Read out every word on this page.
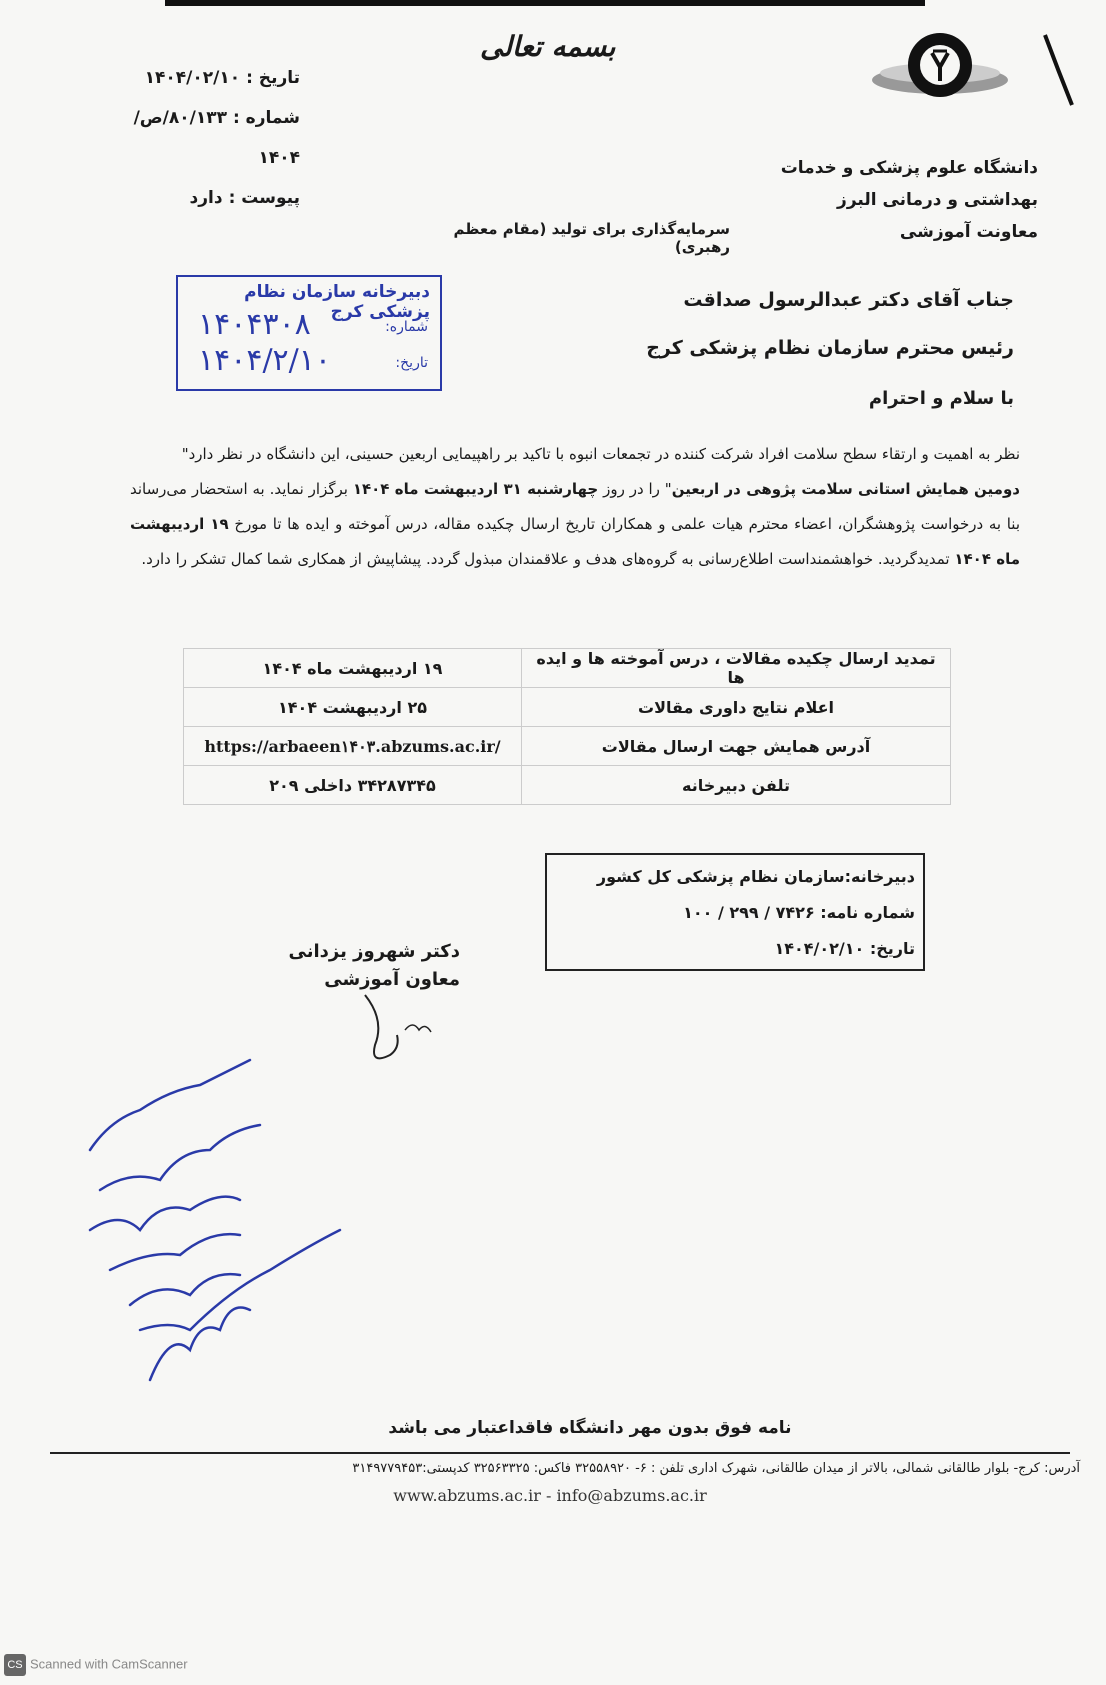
بسمه تعالی
دانشگاه علوم پزشکی و خدمات
بهداشتی و درمانی البرز
معاونت آموزشی
تاریخ :۱۴۰۴/۰۲/۱۰
شماره :۸۰/۱۳۳/ص/۱۴۰۴
پیوست :دارد
سرمایه‌گذاری برای تولید (مقام معظم رهبری)
دبیرخانه سازمان نظام پزشکی کرج
شماره:
۱۴۰۴۳۰۸
تاریخ:
۱۴۰۴/۲/۱۰
جناب آقای دکتر عبدالرسول صداقت
رئیس محترم سازمان نظام پزشکی کرج
با سلام و احترام
نظر به اهمیت و ارتقاء سطح سلامت افراد شرکت کننده در تجمعات انبوه با تاکید بر راهپیمایی اربعین حسینی، این دانشگاه در نظر دارد"
دومین همایش استانی سلامت پژوهی در اربعین" را در روز چهارشنبه ۳۱ اردیبهشت ماه ۱۴۰۴ برگزار نماید. به استحضار می‌رساند بنا به درخواست پژوهشگران، اعضاء محترم هیات علمی و همکاران تاریخ ارسال چکیده مقاله، درس آموخته و ایده ها تا مورخ ۱۹ اردیبهشت ماه ۱۴۰۴ تمدیدگردید. خواهشمنداست اطلاع‌رسانی به گروه‌های هدف و علاقمندان مبذول گردد. پیشاپیش از همکاری شما کمال تشکر را دارد.
تمدید ارسال چکیده مقالات ، درس آموخته ها و ایده ها	۱۹ اردیبهشت ماه ۱۴۰۴
اعلام نتایج داوری مقالات	۲۵ اردیبهشت ۱۴۰۴
آدرس همایش جهت ارسال مقالات	https://arbaeen۱۴۰۳.abzums.ac.ir/
تلفن دبیرخانه	۳۴۲۸۷۳۴۵ داخلی ۲۰۹
دبیرخانه:سازمان نظام پزشکی کل کشور
شماره نامه: ۷۴۲۶ / ۲۹۹ / ۱۰۰
تاریخ: ۱۴۰۴/۰۲/۱۰
دکتر شهروز یزدانی
معاون آموزشی
نامه فوق بدون مهر دانشگاه فاقداعتبار می باشد
آدرس: کرج- بلوار طالقانی شمالی، بالاتر از میدان طالقانی، شهرک اداری تلفن : ۶- ۳۲۵۵۸۹۲۰ فاکس: ۳۲۵۶۳۳۲۵ کدپستی:۳۱۴۹۷۷۹۴۵۳
www.abzums.ac.ir - info@abzums.ac.ir
CS Scanned with CamScanner
